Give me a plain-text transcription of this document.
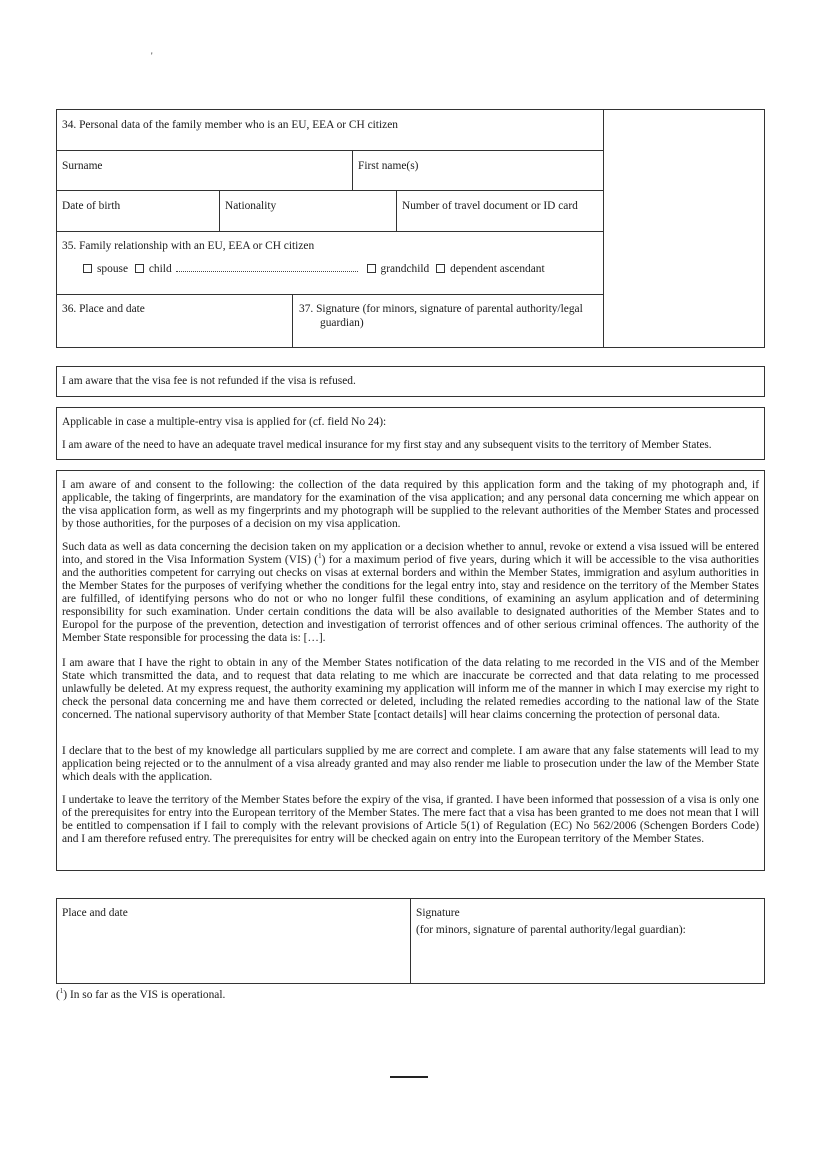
'
34. Personal data of the family member who is an EU, EEA or CH citizen
Surname	First name(s)
Date of birth	Nationality	Number of travel document or ID card
35. Family relationship with an EU, EEA or CH citizen
spouse child	grandchild dependent ascendant
36. Place and date	37. Signature (for minors, signature of parental authority/legal
guardian)
I am aware that the visa fee is not refunded if the visa is refused.
Applicable in case a multiple-entry visa is applied for (cf. field No 24):
I am aware of the need to have an adequate travel medical insurance for my first stay and any subsequent visits to the territory of Member States.
I am aware of and consent to the following: the collection of the data required by this application form and the taking of my photograph and, if applicable, the taking of fingerprints, are mandatory for the examination of the visa application; and any personal data concerning me which appear on the visa application form, as well as my fingerprints and my photograph will be supplied to the relevant authorities of the Member States and processed by those authorities, for the purposes of a decision on my visa application.
Such data as well as data concerning the decision taken on my application or a decision whether to annul, revoke or extend a visa issued will be entered into, and stored in the Visa Information System (VIS) ($^1$) for a maximum period of five years, during which it will be accessible to the visa authorities and the authorities competent for carrying out checks on visas at external borders and within the Member States, immigration and asylum authorities in the Member States for the purposes of verifying whether the conditions for the legal entry into, stay and residence on the territory of the Member States are fulfilled, of identifying persons who do not or who no longer fulfil these conditions, of examining an asylum application and of determining responsibility for such examination. Under certain conditions the data will be also available to designated authorities of the Member States and to Europol for the purpose of the prevention, detection and investigation of terrorist offences and of other serious criminal offences. The authority of the Member State responsible for processing the data is: […].
I am aware that I have the right to obtain in any of the Member States notification of the data relating to me recorded in the VIS and of the Member State which transmitted the data, and to request that data relating to me which are inaccurate be corrected and that data relating to me processed unlawfully be deleted. At my express request, the authority examining my application will inform me of the manner in which I may exercise my right to check the personal data concerning me and have them corrected or deleted, including the related remedies according to the national law of the State concerned. The national supervisory authority of that Member State [contact details] will hear claims concerning the protection of personal data.
I declare that to the best of my knowledge all particulars supplied by me are correct and complete. I am aware that any false statements will lead to my application being rejected or to the annulment of a visa already granted and may also render me liable to prosecution under the law of the Member State which deals with the application.
I undertake to leave the territory of the Member States before the expiry of the visa, if granted. I have been informed that possession of a visa is only one of the prerequisites for entry into the European territory of the Member States. The mere fact that a visa has been granted to me does not mean that I will be entitled to compensation if I fail to comply with the relevant provisions of Article 5(1) of Regulation (EC) No 562/2006 (Schengen Borders Code) and I am therefore refused entry. The prerequisites for entry will be checked again on entry into the European territory of the Member States.
Place and date	Signature
(for minors, signature of parental authority/legal guardian):
($^1$) In so far as the VIS is operational.
